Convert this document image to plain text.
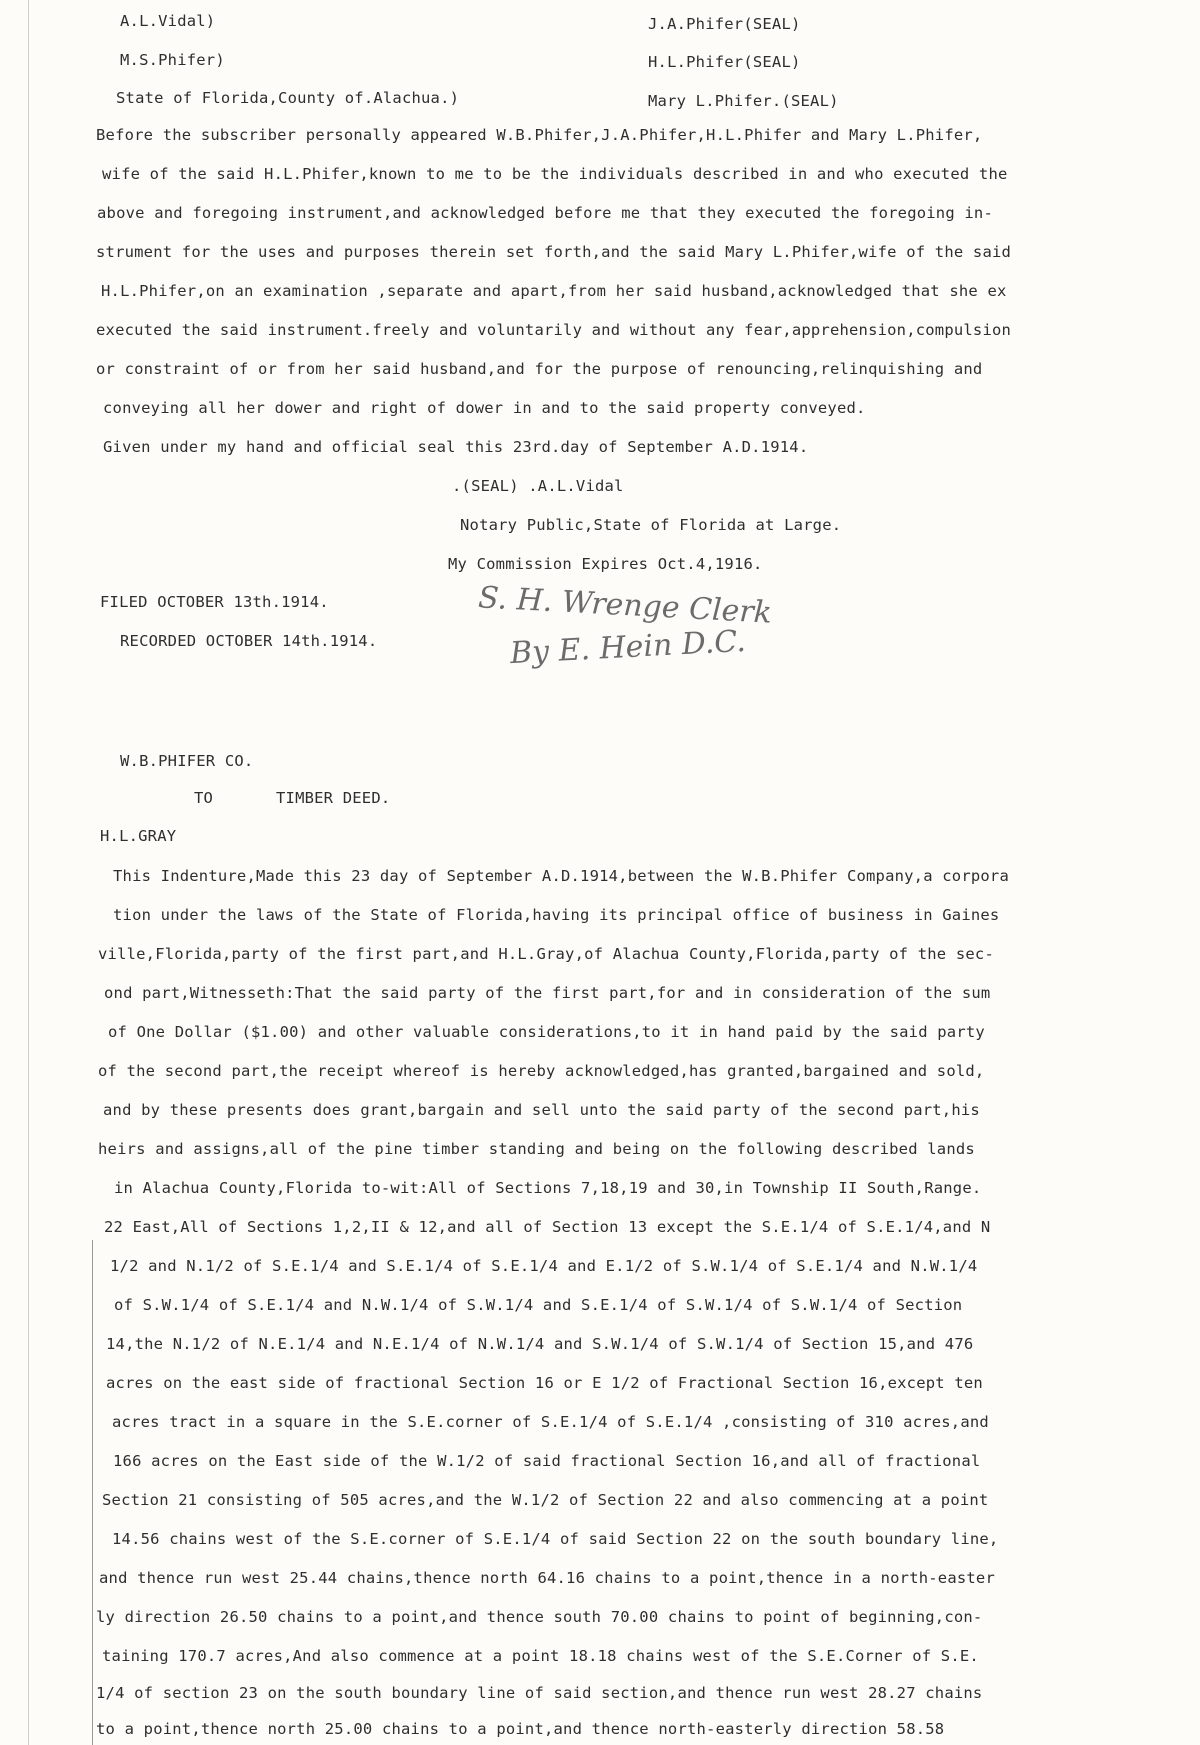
A.L.Vidal)
M.S.Phifer)
State of Florida,County of.Alachua.)
J.A.Phifer(SEAL)
H.L.Phifer(SEAL)
Mary L.Phifer.(SEAL)
Before the subscriber personally appeared W.B.Phifer,J.A.Phifer,H.L.Phifer and Mary L.Phifer,
wife of the said H.L.Phifer,known to me to be the individuals described in and who executed the
above and foregoing instrument,and acknowledged before me that they executed the foregoing in-
strument for the uses and purposes therein set forth,and the said Mary L.Phifer,wife of the said
H.L.Phifer,on an examination ,separate and apart,from her said husband,acknowledged that she ex
executed the said instrument.freely and voluntarily and without any fear,apprehension,compulsion
or constraint of or from her said husband,and for the purpose of renouncing,relinquishing and
conveying all her dower and right of dower in and to the said property conveyed.
Given under my hand and official seal this 23rd.day of September A.D.1914.
.(SEAL) .A.L.Vidal
Notary Public,State of Florida at Large.
My Commission Expires Oct.4,1916.
FILED OCTOBER 13th.1914.
RECORDED OCTOBER 14th.1914.
S. H. Wrenge Clerk
By E. Hein D.C.
W.B.PHIFER CO.
TO	TIMBER DEED.
H.L.GRAY
This Indenture,Made this 23 day of September A.D.1914,between the W.B.Phifer Company,a corpora
tion under the laws of the State of Florida,having its principal office of business in Gaines
ville,Florida,party of the first part,and H.L.Gray,of Alachua County,Florida,party of the sec-
ond part,Witnesseth:That the said party of the first part,for and in consideration of the sum
of One Dollar ($1.00) and other valuable considerations,to it in hand paid by the said party
of the second part,the receipt whereof is hereby acknowledged,has granted,bargained and sold,
and by these presents does grant,bargain and sell unto the said party of the second part,his
heirs and assigns,all of the pine timber standing and being on the following described lands
in Alachua County,Florida to-wit:All of Sections 7,18,19 and 30,in Township II South,Range.
22 East,All of Sections 1,2,II & 12,and all of Section 13 except the S.E.1/4 of S.E.1/4,and N
1/2 and N.1/2 of S.E.1/4 and S.E.1/4 of S.E.1/4 and E.1/2 of S.W.1/4 of S.E.1/4 and N.W.1/4
of S.W.1/4 of S.E.1/4 and N.W.1/4 of S.W.1/4 and S.E.1/4 of S.W.1/4 of S.W.1/4 of Section
14,the N.1/2 of N.E.1/4 and N.E.1/4 of N.W.1/4 and S.W.1/4 of S.W.1/4 of Section 15,and 476
acres on the east side of fractional Section 16 or E 1/2 of Fractional Section 16,except ten
acres tract in a square in the S.E.corner of S.E.1/4 of S.E.1/4 ,consisting of 310 acres,and
166 acres on the East side of the W.1/2 of said fractional Section 16,and all of fractional
Section 21 consisting of 505 acres,and the W.1/2 of Section 22 and also commencing at a point
14.56 chains west of the S.E.corner of S.E.1/4 of said Section 22 on the south boundary line,
and thence run west 25.44 chains,thence north 64.16 chains to a point,thence in a north-easter
ly direction 26.50 chains to a point,and thence south 70.00 chains to point of beginning,con-
taining 170.7 acres,And also commence at a point 18.18 chains west of the S.E.Corner of S.E.
1/4 of section 23 on the south boundary line of said section,and thence run west 28.27 chains
to a point,thence north 25.00 chains to a point,and thence north-easterly direction 58.58
